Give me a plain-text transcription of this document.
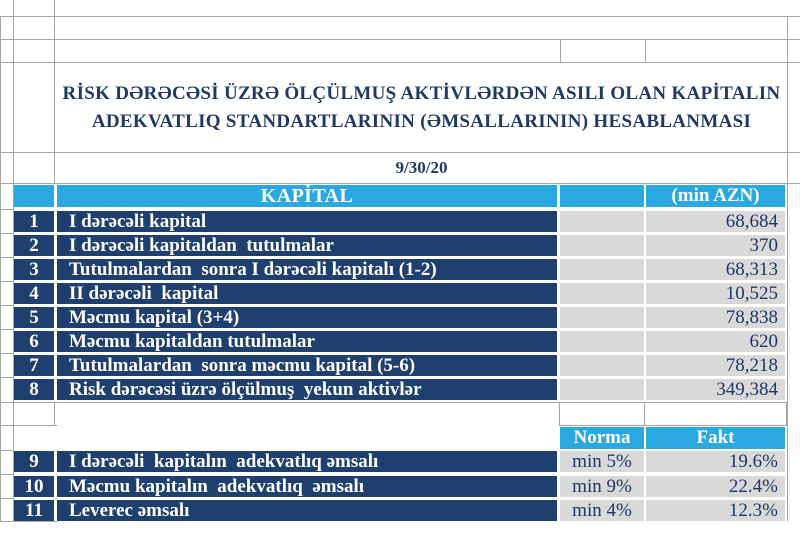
RİSK DƏRƏCƏSİ ÜZRƏ ÖLÇÜLMUŞ AKTİVLƏRDƏN ASILI OLAN KAPİTALIN
ADEKVATLIQ STANDARTLARININ (ƏMSALLARININ) HESABLANMASI
9/30/20
KAPİTAL	(min AZN)
1	I dərəcəli kapital	68,684
2	I dərəcəli kapitaldan  tutulmalar	370
3	Tutulmalardan  sonra I dərəcəli kapitalı (1-2)	68,313
4	II dərəcəli  kapital	10,525
5	Məcmu kapital (3+4)	78,838
6	Məcmu kapitaldan tutulmalar	620
7	Tutulmalardan  sonra məcmu kapital (5-6)	78,218
8	Risk dərəcəsi üzrə ölçülmuş  yekun aktivlər	349,384
Norma	Fakt
9	I dərəcəli  kapitalın  adekvatlıq əmsalı	min 5%	19.6%
10	Məcmu kapitalın  adekvatlıq  əmsalı	min 9%	22.4%
11	Leverec əmsalı	min 4%	12.3%
